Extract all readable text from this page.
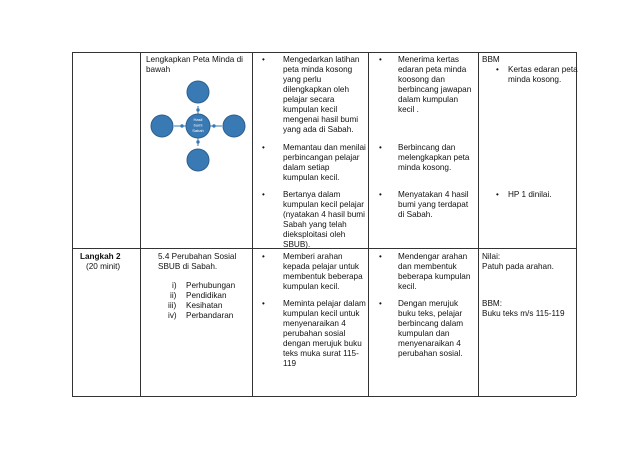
Lengkapkan Peta Minda di
bawah
Hasil
bumi
Sabah
• Mengedarkan latihan
peta minda kosong
yang perlu
dilengkapkan oleh
pelajar secara
kumpulan kecil
mengenai hasil bumi
yang ada di Sabah.
• Memantau dan menilai
perbincangan pelajar
dalam setiap
kumpulan kecil.
• Bertanya dalam
kumpulan kecil pelajar
(nyatakan 4 hasil bumi
Sabah yang telah
dieksploitasi oleh
SBUB).
• Menerima kertas
edaran peta minda
koosong dan
berbincang jawapan
dalam kumpulan
kecil .
• Berbincang dan
melengkapkan peta
minda kosong.
• Menyatakan 4 hasil
bumi yang terdapat
di Sabah.
BBM
• Kertas edaran peta
minda kosong.
• HP 1 dinilai.
Langkah 2
(20 minit)
5.4 Perubahan Sosial
SBUB di Sabah.
i) Perhubungan
ii) Pendidikan
iii) Kesihatan
iv) Perbandaran
• Memberi arahan
kepada pelajar untuk
membentuk beberapa
kumpulan kecil.
• Meminta pelajar dalam
kumpulan kecil untuk
menyenaraikan 4
perubahan sosial
dengan merujuk buku
teks muka surat 115-
119
• Mendengar arahan
dan membentuk
beberapa kumpulan
kecil.
• Dengan merujuk
buku teks, pelajar
berbincang dalam
kumpulan dan
menyenaraikan 4
perubahan sosial.
Nilai:
Patuh pada arahan.
BBM:
Buku teks m/s 115-119
